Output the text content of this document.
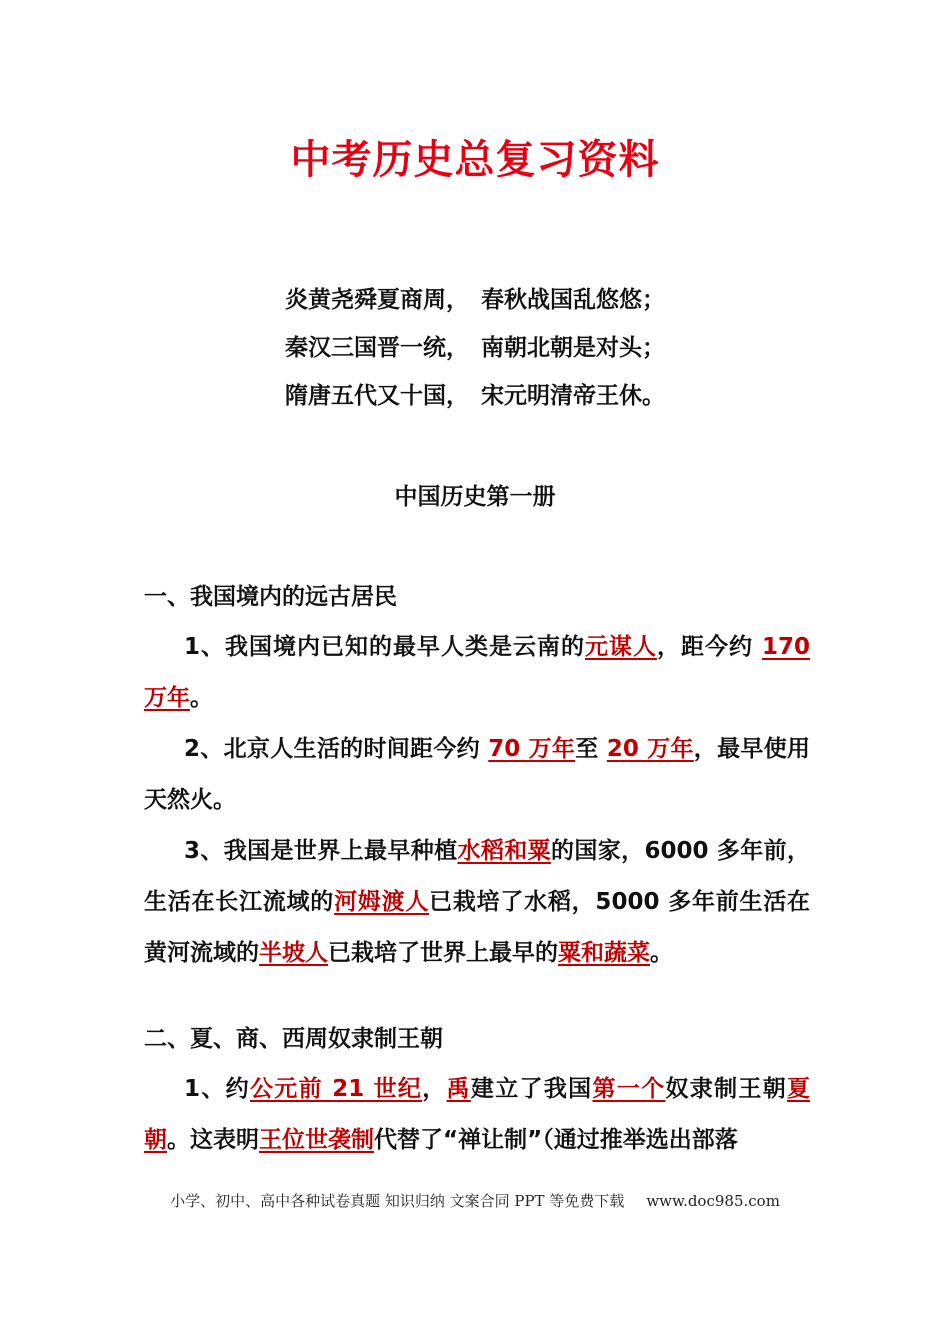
中考历史总复习资料
炎黄尧舜夏商周， 春秋战国乱悠悠；
秦汉三国晋一统， 南朝北朝是对头；
隋唐五代又十国， 宋元明清帝王休。
中国历史第一册
一、我国境内的远古居民

1、我国境内已知的最早人类是云南的元谋人，距今约 170 万年。

2、北京人生活的时间距今约 70 万年至 20 万年，最早使用天然火。

3、我国是世界上最早种植水稻和粟的国家，6000 多年前，生活在长江流域的河姆渡人已栽培了水稻，5000 多年前生活在黄河流域的半坡人已栽培了世界上最早的粟和蔬菜。

二、夏、商、西周奴隶制王朝

1、约公元前 21 世纪，禹建立了我国第一个奴隶制王朝夏朝。这表明王位世袭制代替了“禅让制”（通过推举选出部落

小学、初中、高中各种试卷真题 知识归纳 文案合同 PPT 等免费下载 www.doc985.com
